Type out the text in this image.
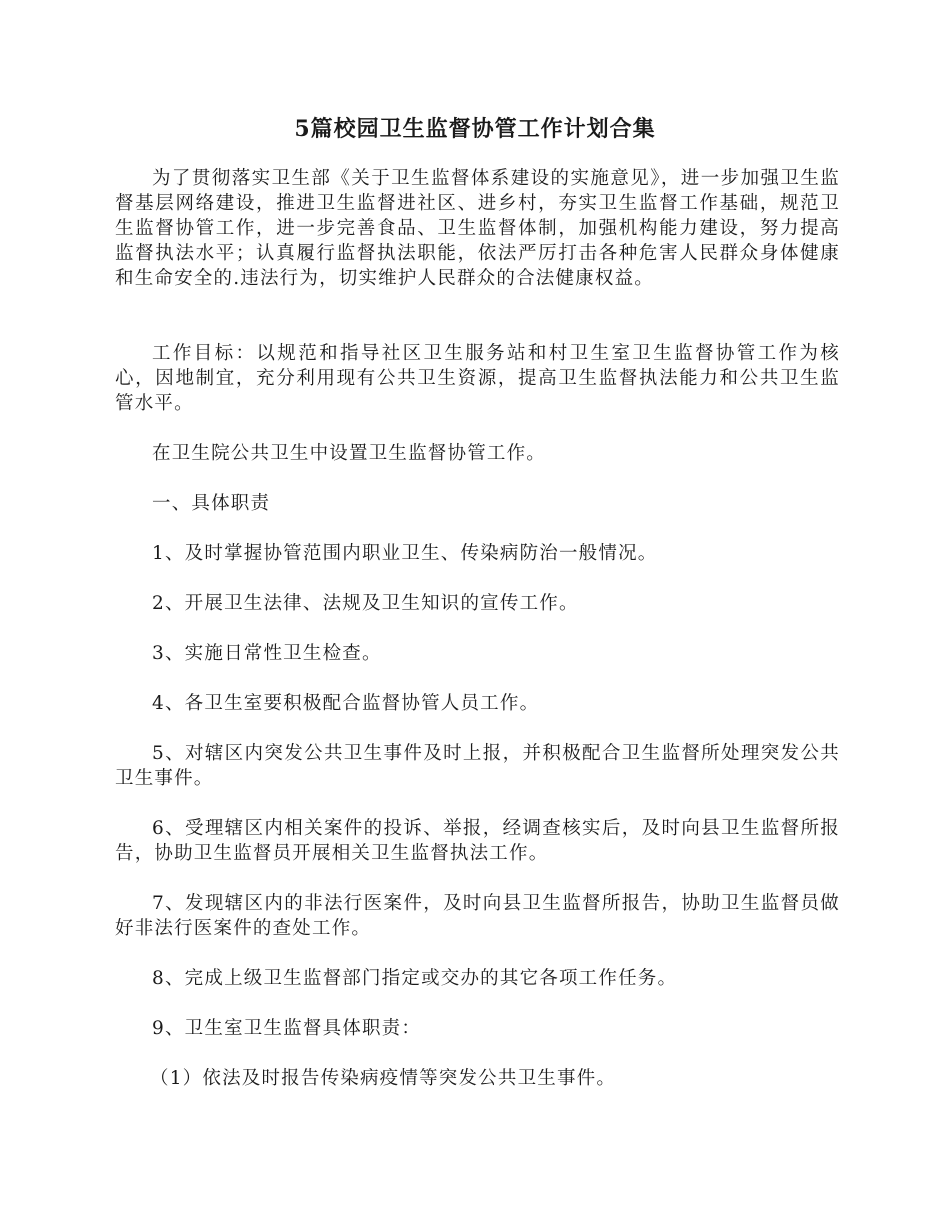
5篇校园卫生监督协管工作计划合集

为了贯彻落实卫生部《关于卫生监督体系建设的实施意见》，进一步加强卫生监督基层网络建设，推进卫生监督进社区、进乡村，夯实卫生监督工作基础，规范卫生监督协管工作，进一步完善食品、卫生监督体制，加强机构能力建设，努力提高监督执法水平；认真履行监督执法职能，依法严厉打击各种危害人民群众身体健康和生命安全的.违法行为，切实维护人民群众的合法健康权益。

工作目标：以规范和指导社区卫生服务站和村卫生室卫生监督协管工作为核心，因地制宜，充分利用现有公共卫生资源，提高卫生监督执法能力和公共卫生监管水平。

在卫生院公共卫生中设置卫生监督协管工作。

一、具体职责

1、及时掌握协管范围内职业卫生、传染病防治一般情况。

2、开展卫生法律、法规及卫生知识的宣传工作。

3、实施日常性卫生检查。

4、各卫生室要积极配合监督协管人员工作。

5、对辖区内突发公共卫生事件及时上报，并积极配合卫生监督所处理突发公共卫生事件。

6、受理辖区内相关案件的投诉、举报，经调查核实后，及时向县卫生监督所报告，协助卫生监督员开展相关卫生监督执法工作。

7、发现辖区内的非法行医案件，及时向县卫生监督所报告，协助卫生监督员做好非法行医案件的查处工作。

8、完成上级卫生监督部门指定或交办的其它各项工作任务。

9、卫生室卫生监督具体职责：

（1）依法及时报告传染病疫情等突发公共卫生事件。
